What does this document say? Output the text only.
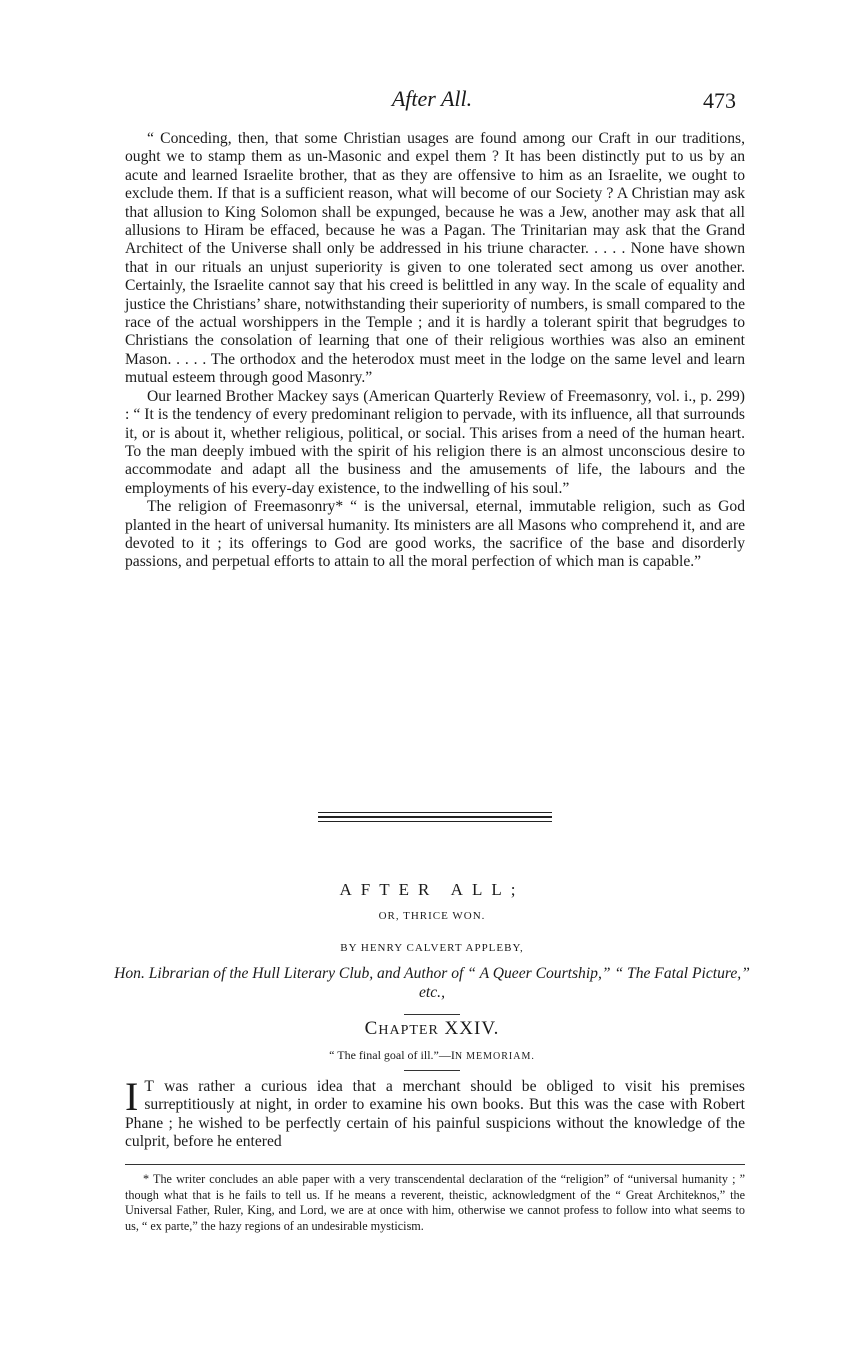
After All.	473

“ Conceding, then, that some Christian usages are found among our Craft in our traditions, ought we to stamp them as un-Masonic and expel them ? It has been distinctly put to us by an acute and learned Israelite brother, that as they are offensive to him as an Israelite, we ought to exclude them. If that is a sufficient reason, what will become of our Society ? A Christian may ask that allusion to King Solomon shall be expunged, because he was a Jew, another may ask that all allusions to Hiram be effaced, because he was a Pagan. The Trinitarian may ask that the Grand Architect of the Universe shall only be addressed in his triune character. . . . . None have shown that in our rituals an unjust superiority is given to one tolerated sect among us over another. Certainly, the Israelite cannot say that his creed is belittled in any way. In the scale of equality and justice the Christians’ share, notwithstanding their superiority of numbers, is small compared to the race of the actual worshippers in the Temple ; and it is hardly a tolerant spirit that begrudges to Christians the consolation of learning that one of their religious worthies was also an eminent Mason. . . . . The orthodox and the heterodox must meet in the lodge on the same level and learn mutual esteem through good Masonry.”

Our learned Brother Mackey says (American Quarterly Review of Freemasonry, vol. i., p. 299) : “ It is the tendency of every predominant religion to pervade, with its influence, all that surrounds it, or is about it, whether religious, political, or social. This arises from a need of the human heart. To the man deeply imbued with the spirit of his religion there is an almost unconscious desire to accommodate and adapt all the business and the amusements of life, the labours and the employments of his every-day existence, to the indwelling of his soul.”

The religion of Freemasonry* “ is the universal, eternal, immutable religion, such as God planted in the heart of universal humanity. Its ministers are all Masons who comprehend it, and are devoted to it ; its offerings to God are good works, the sacrifice of the base and disorderly passions, and perpetual efforts to attain to all the moral perfection of which man is capable.”

AFTER ALL;
OR, THRICE WON.
BY HENRY CALVERT APPLEBY,
Hon. Librarian of the Hull Literary Club, and Author of “ A Queer Courtship,” “ The Fatal Picture,” etc.,
CHAPTER XXIV.
“ The final goal of ill.”—IN MEMORIAM.
I T was rather a curious idea that a merchant should be obliged to visit his premises surreptitiously at night, in order to examine his own books. But this was the case with Robert Phane ; he wished to be perfectly certain of his painful suspicions without the knowledge of the culprit, before he entered

* The writer concludes an able paper with a very transcendental declaration of the “religion” of “universal humanity ; ” though what that is he fails to tell us. If he means a reverent, theistic, acknowledgment of the “ Great Architeknos,” the Universal Father, Ruler, King, and Lord, we are at once with him, otherwise we cannot profess to follow into what seems to us, “ ex parte,” the hazy regions of an undesirable mysticism.
